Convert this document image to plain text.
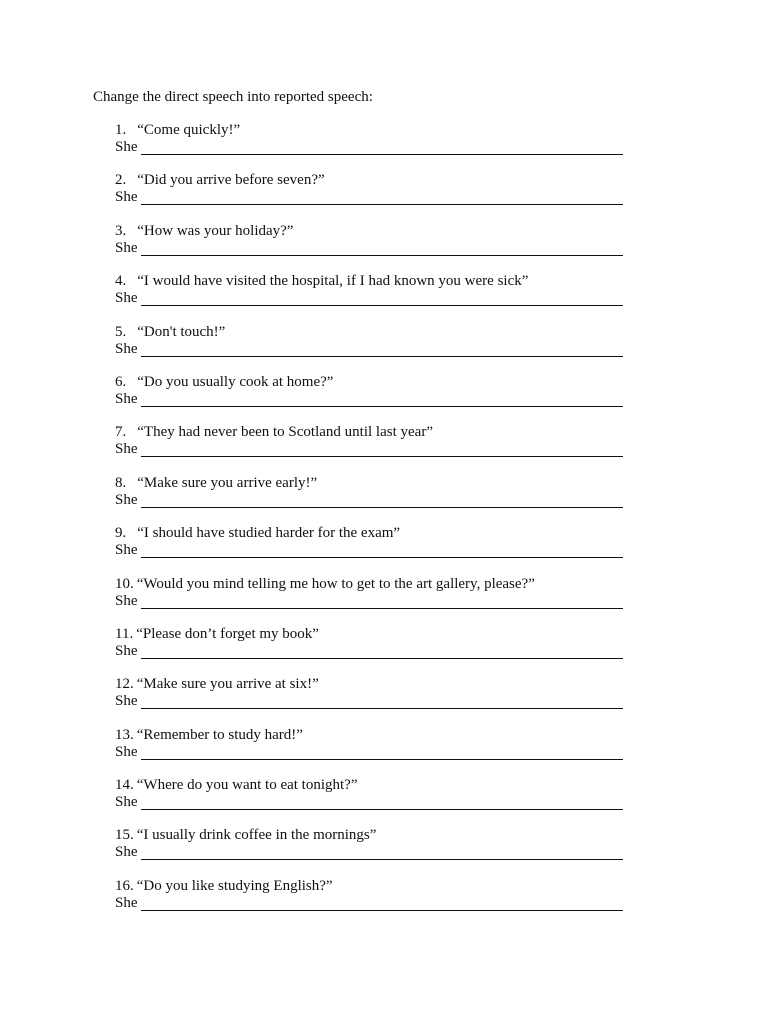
Change the direct speech into reported speech:
1. “Come quickly!”
She
2. “Did you arrive before seven?”
She
3. “How was your holiday?”
She
4. “I would have visited the hospital, if I had known you were sick”
She
5. “Don't touch!”
She
6. “Do you usually cook at home?”
She
7. “They had never been to Scotland until last year”
She
8. “Make sure you arrive early!”
She
9. “I should have studied harder for the exam”
She
10. “Would you mind telling me how to get to the art gallery, please?”
She
11. “Please don’t forget my book”
She
12. “Make sure you arrive at six!”
She
13. “Remember to study hard!”
She
14. “Where do you want to eat tonight?”
She
15. “I usually drink coffee in the mornings”
She
16. “Do you like studying English?”
She
